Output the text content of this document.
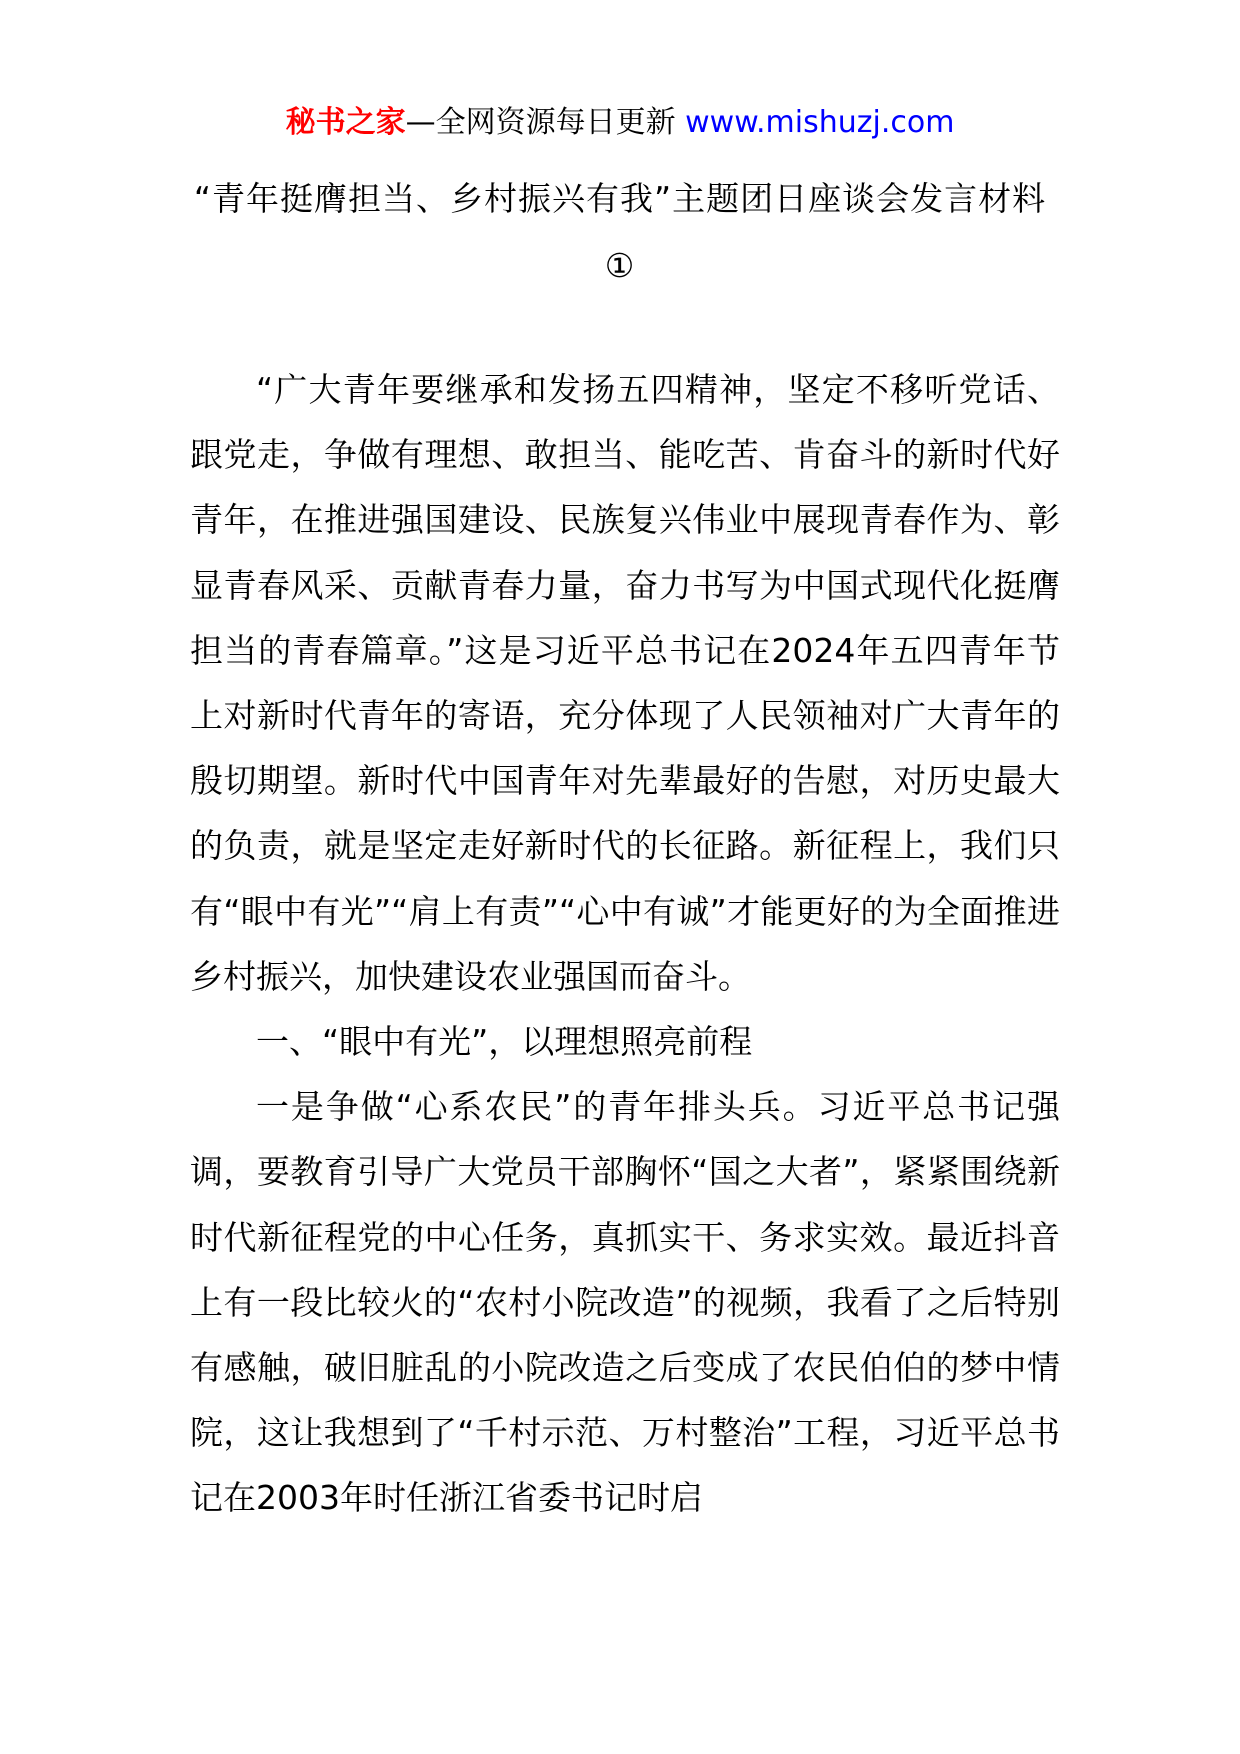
秘书之家—全网资源每日更新 www.mishuzj.com
“青年挺膺担当、乡村振兴有我”主题团日座谈会发言材料①

“广大青年要继承和发扬五四精神，坚定不移听党话、跟党走，争做有理想、敢担当、能吃苦、肯奋斗的新时代好青年，在推进强国建设、民族复兴伟业中展现青春作为、彰显青春风采、贡献青春力量，奋力书写为中国式现代化挺膺担当的青春篇章。”这是习近平总书记在2024年五四青年节上对新时代青年的寄语，充分体现了人民领袖对广大青年的殷切期望。新时代中国青年对先辈最好的告慰，对历史最大的负责，就是坚定走好新时代的长征路。新征程上，我们只有“眼中有光”“肩上有责”“心中有诚”才能更好的为全面推进乡村振兴，加快建设农业强国而奋斗。

一、“眼中有光”，以理想照亮前程

一是争做“心系农民”的青年排头兵。习近平总书记强调，要教育引导广大党员干部胸怀“国之大者”，紧紧围绕新时代新征程党的中心任务，真抓实干、务求实效。最近抖音上有一段比较火的“农村小院改造”的视频，我看了之后特别有感触，破旧脏乱的小院改造之后变成了农民伯伯的梦中情院，这让我想到了“千村示范、万村整治”工程，习近平总书记在2003年时任浙江省委书记时启
